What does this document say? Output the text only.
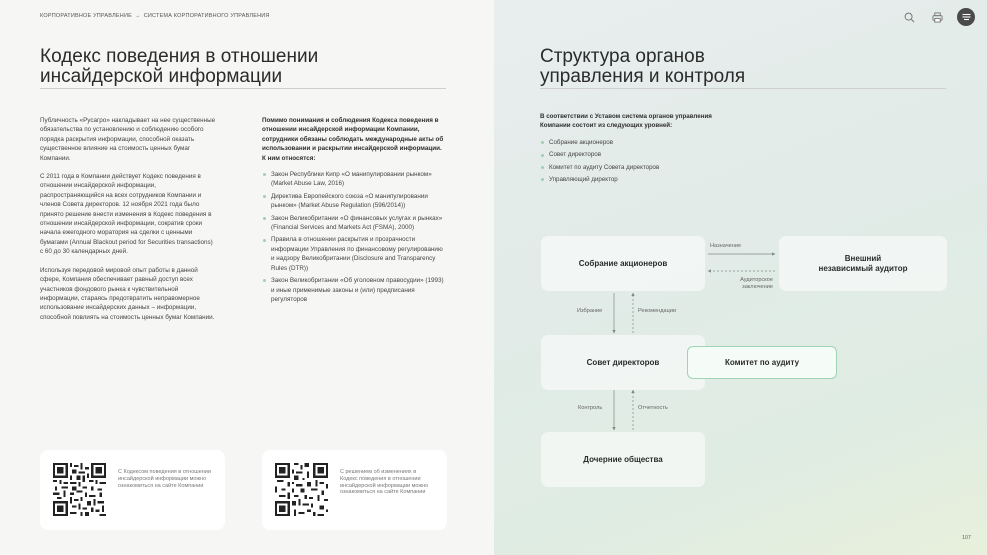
КОРПОРАТИВНОЕ УПРАВЛЕНИЕ → СИСТЕМА КОРПОРАТИВНОГО УПРАВЛЕНИЯ
Кодекс поведения в отношении
инсайдерской информации

Публичность «Русагро» накладывает на нее существенные обязательства по установлению и соблюдению особого порядка раскрытия информации, способной оказать существенное влияние на стоимость ценных бумаг Компании.

С 2011 года в Компании действует Кодекс поведения в отношении инсайдерской информации, распространяющийся на всех сотрудников Компании и членов Совета директоров. 12 ноября 2021 года было принято решение внести изменения в Кодекс поведения в отношении инсайдерской информации, сократив сроки начала ежегодного моратория на сделки с ценными бумагами (Annual Blackout period for Securities transactions) с 60 до 30 календарных дней.

Используя передовой мировой опыт работы в данной сфере, Компания обеспечивает равный доступ всех участников фондового рынка к чувствительной информации, стараясь предотвратить неправомерное использование инсайдерских данных – информации, способной повлиять на стоимость ценных бумаг Компании.

Помимо понимания и соблюдения Кодекса поведения в отношении инсайдерской информации Компании, сотрудники обязаны соблюдать международные акты об использовании и раскрытии инсайдерской информации. К ним относятся:

Закон Республики Кипр «О манипулировании рынком» (Market Abuse Law, 2016)
Директива Европейского союза «О манипулировании рынком» (Market Abuse Regulation (596/2014))
Закон Великобритании «О финансовых услугах и рынках» (Financial Services and Markets Act (FSMA), 2000)
Правила в отношении раскрытия и прозрачности информации Управления по финансовому регулированию и надзору Великобритании (Disclosure and Transparency Rules (DTR))
Закон Великобритании «Об уголовном правосудии» (1993) и иные применимые законы и (или) предписания регуляторов
С Кодексом поведения в отношении инсайдерской информации можно ознакомиться на сайте Компании
С решением об изменениях в Кодекс поведения в отношении инсайдерской информации можно ознакомиться на сайте Компании
Структура органов
управления и контроля

В соответствии с Уставом система органов управления Компании состоит из следующих уровней:

Собрание акционеров
Совет директоров
Комитет по аудиту Совета директоров
Управляющий директор
Собрание акционеров
Внешний
независимый аудитор
Совет директоров	Комитет по аудиту
Дочерние общества
Назначение
Аудиторское
заключение
Избрание	Рекомендации
Контроль	Отчетность
107
